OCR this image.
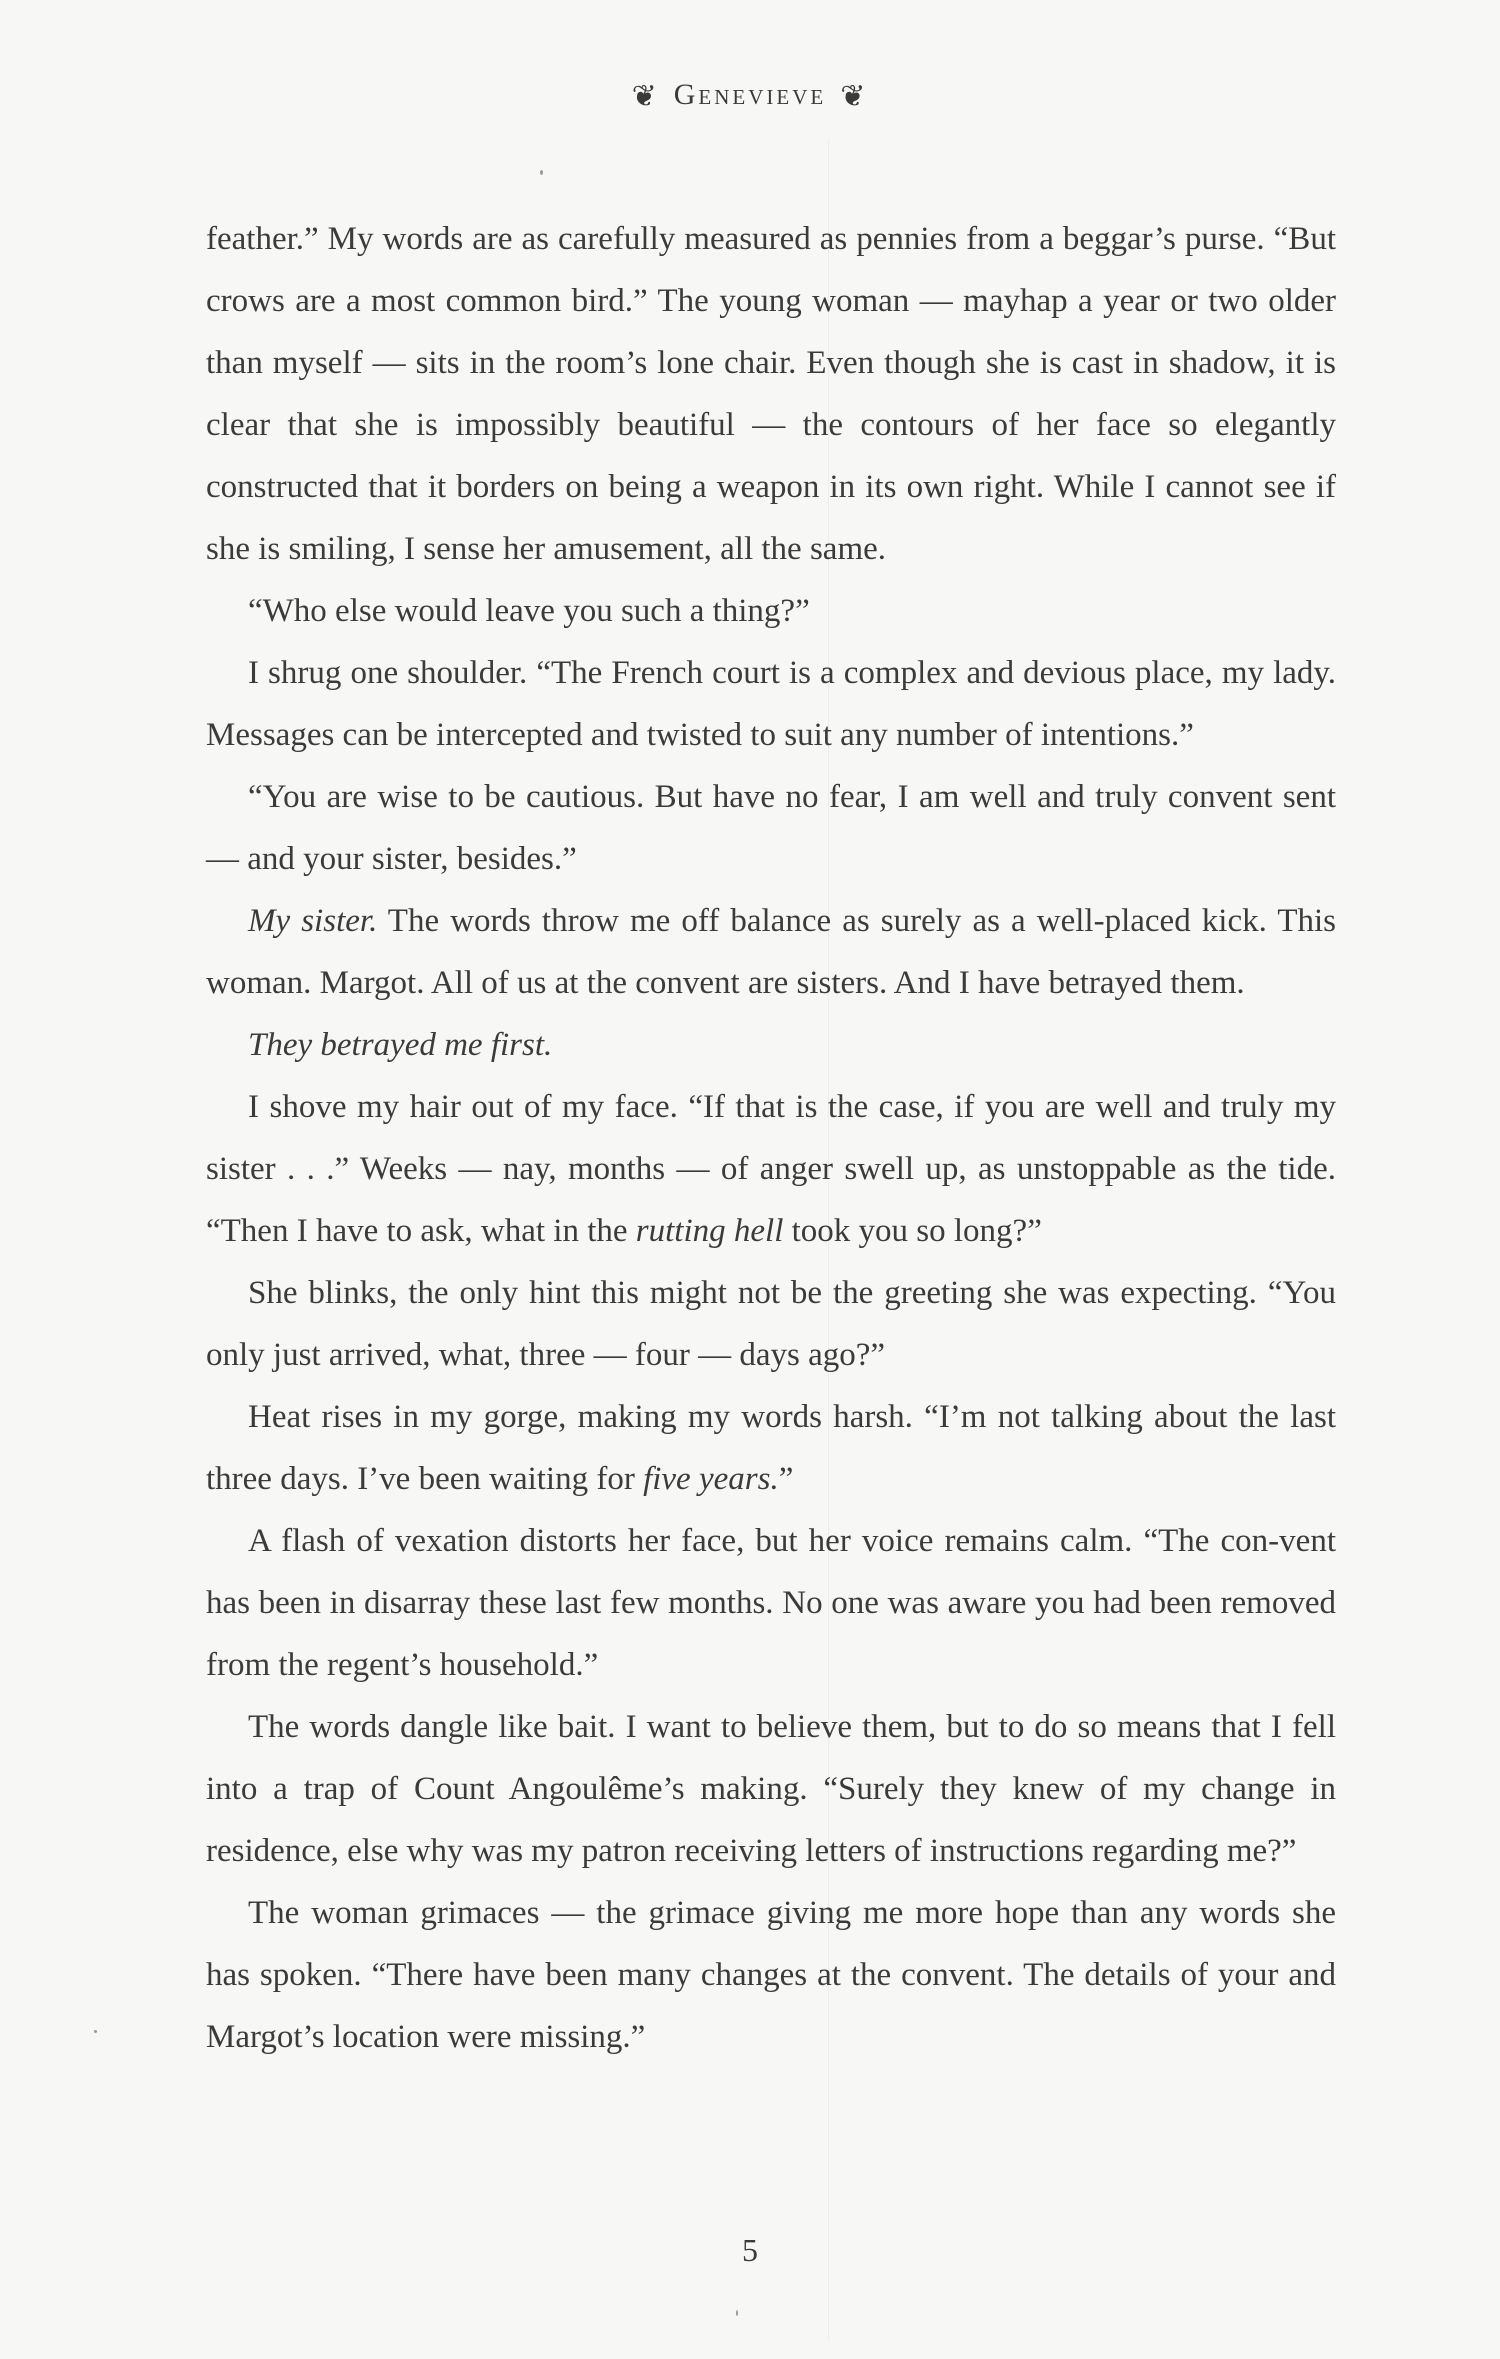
❦ Genevieve ❦

feather.” My words are as carefully measured as pennies from a beggar’s purse. “But crows are a most common bird.” The young woman — mayhap a year or two older than myself — sits in the room’s lone chair. Even though she is cast in shadow, it is clear that she is impossibly beautiful — the contours of her face so elegantly constructed that it borders on being a weapon in its own right. While I cannot see if she is smiling, I sense her amusement, all the same.

“Who else would leave you such a thing?”

I shrug one shoulder. “The French court is a complex and devious place, my lady. Messages can be intercepted and twisted to suit any number of intentions.”

“You are wise to be cautious. But have no fear, I am well and truly convent sent — and your sister, besides.”

My sister. The words throw me off balance as surely as a well-placed kick. This woman. Margot. All of us at the convent are sisters. And I have betrayed them.

They betrayed me first.

I shove my hair out of my face. “If that is the case, if you are well and truly my sister . . .” Weeks — nay, months — of anger swell up, as unstoppable as the tide. “Then I have to ask, what in the rutting hell took you so long?”

She blinks, the only hint this might not be the greeting she was expecting. “You only just arrived, what, three — four — days ago?”

Heat rises in my gorge, making my words harsh. “I’m not talking about the last three days. I’ve been waiting for five years.”

A flash of vexation distorts her face, but her voice remains calm. “The con-vent has been in disarray these last few months. No one was aware you had been removed from the regent’s household.”

The words dangle like bait. I want to believe them, but to do so means that I fell into a trap of Count Angoulême’s making. “Surely they knew of my change in residence, else why was my patron receiving letters of instructions regarding me?”

The woman grimaces — the grimace giving me more hope than any words she has spoken. “There have been many changes at the convent. The details of your and Margot’s location were missing.”

5
